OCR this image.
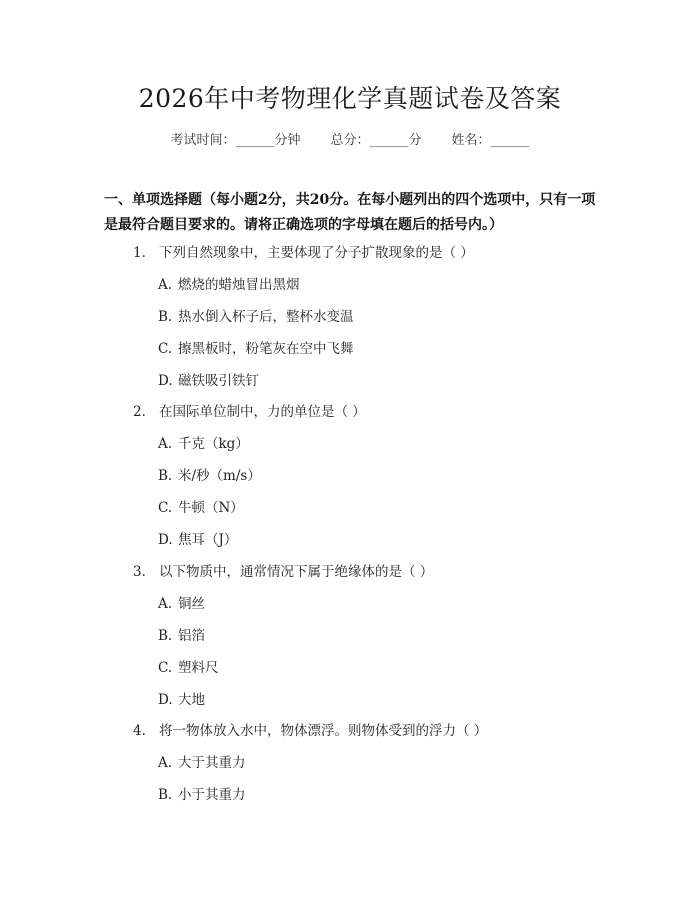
2026年中考物理化学真题试卷及答案
考试时间：______分钟 总分：______分 姓名：______
一、单项选择题（每小题2分，共20分。在每小题列出的四个选项中，只有一项是最符合题目要求的。请将正确选项的字母填在题后的括号内。）
1. 下列自然现象中，主要体现了分子扩散现象的是（ ）
A. 燃烧的蜡烛冒出黑烟
B. 热水倒入杯子后，整杯水变温
C. 擦黑板时，粉笔灰在空中飞舞
D. 磁铁吸引铁钉
2. 在国际单位制中，力的单位是（ ）
A. 千克（kg）
B. 米/秒（m/s）
C. 牛顿（N）
D. 焦耳（J）
3. 以下物质中，通常情况下属于绝缘体的是（ ）
A. 铜丝
B. 铝箔
C. 塑料尺
D. 大地
4. 将一物体放入水中，物体漂浮。则物体受到的浮力（ ）
A. 大于其重力
B. 小于其重力
